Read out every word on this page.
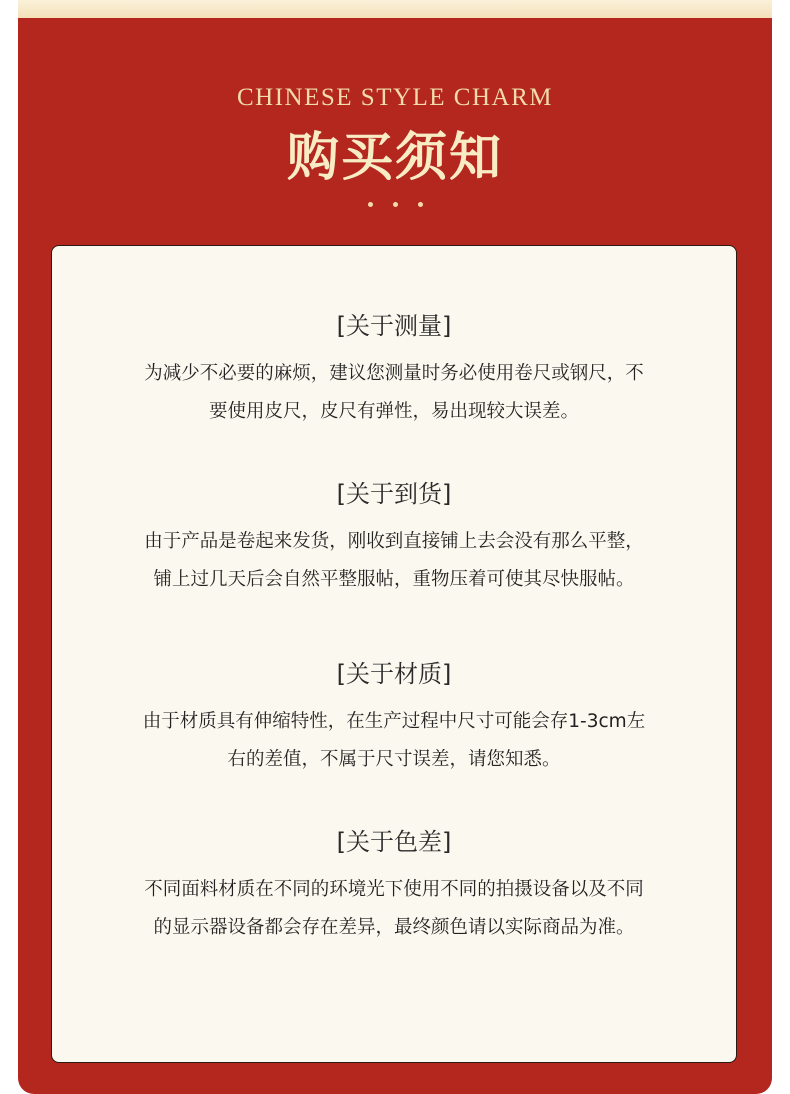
CHINESE STYLE CHARM
购买须知
[关于测量]
为减少不必要的麻烦，建议您测量时务必使用卷尺或钢尺，不
要使用皮尺，皮尺有弹性，易出现较大误差。
[关于到货]
由于产品是卷起来发货，刚收到直接铺上去会没有那么平整，
铺上过几天后会自然平整服帖，重物压着可使其尽快服帖。
[关于材质]
由于材质具有伸缩特性，在生产过程中尺寸可能会存1-3cm左
右的差值，不属于尺寸误差，请您知悉。
[关于色差]
不同面料材质在不同的环境光下使用不同的拍摄设备以及不同
的显示器设备都会存在差异，最终颜色请以实际商品为准。
